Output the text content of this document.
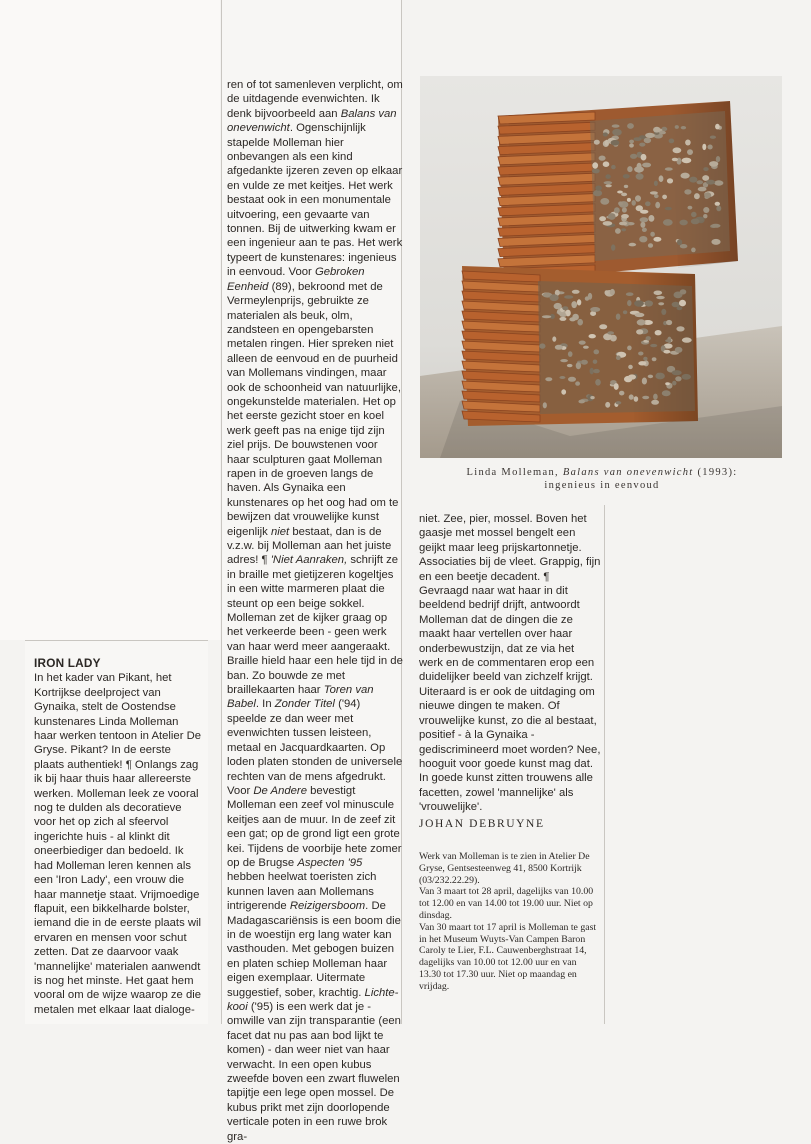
IRON LADY

In het kader van Pikant, het Kortrijkse deelproject van Gynaika, stelt de Oostendse kunstenares Linda Molleman haar werken tentoon in Atelier De Gryse. Pikant? In de eerste plaats authentiek! ¶ Onlangs zag ik bij haar thuis haar allereerste werken. Molleman leek ze vooral nog te dulden als decoratieve voor het op zich al sfeervol ingerichte huis - al klinkt dit oneerbiediger dan bedoeld. Ik had Molleman leren kennen als een 'Iron Lady', een vrouw die haar mannetje staat. Vrijmoedige flapuit, een bikkelharde bolster, iemand die in de eerste plaats wil ervaren en mensen voor schut zetten. Dat ze daarvoor vaak 'mannelijke' materialen aanwendt is nog het minste. Het gaat hem vooral om de wijze waarop ze die metalen met elkaar laat dialoge-

ren of tot samenleven verplicht, om de uitdagende evenwichten. Ik denk bijvoorbeeld aan Balans van onevenwicht. Ogenschijnlijk stapelde Molleman hier onbevangen als een kind afgedankte ijzeren zeven op elkaar en vulde ze met keitjes. Het werk bestaat ook in een monumentale uitvoering, een gevaarte van tonnen. Bij de uitwerking kwam er een ingenieur aan te pas. Het werk typeert de kunstenares: ingenieus in eenvoud. Voor Gebroken Eenheid (89), bekroond met de Vermeylenprijs, gebruikte ze materialen als beuk, olm, zandsteen en opengebarsten metalen ringen. Hier spreken niet alleen de eenvoud en de puurheid van Mollemans vindingen, maar ook de schoonheid van natuurlijke, ongekunstelde materialen. Het op het eerste gezicht stoer en koel werk geeft pas na enige tijd zijn ziel prijs. De bouwstenen voor haar sculpturen gaat Molleman rapen in de groeven langs de haven. Als Gynaika een kunstenares op het oog had om te bewijzen dat vrouwelijke kunst eigenlijk niet bestaat, dan is de v.z.w. bij Molleman aan het juiste adres! ¶ 'Niet Aanraken, schrijft ze in braille met gietijzeren kogeltjes in een witte marmeren plaat die steunt op een beige sokkel. Molleman zet de kijker graag op het verkeerde been - geen werk van haar werd meer aangeraakt. Braille hield haar een hele tijd in de ban. Zo bouwde ze met braillekaarten haar Toren van Babel. In Zonder Titel ('94) speelde ze dan weer met evenwichten tussen leisteen, metaal en Jacquardkaarten. Op loden platen stonden de universele rechten van de mens afgedrukt. Voor De Andere bevestigt Molleman een zeef vol minuscule keitjes aan de muur. In de zeef zit een gat; op de grond ligt een grote kei. Tijdens de voorbije hete zomer op de Brugse Aspecten '95 hebben heelwat toeristen zich kunnen laven aan Mollemans intrigerende Reizigersboom. De Madagascariënsis is een boom die in de woestijn erg lang water kan vasthouden. Met gebogen buizen en platen schiep Molleman haar eigen exemplaar. Uitermate suggestief, sober, krachtig. Lichte-kooi ('95) is een werk dat je - omwille van zijn transparantie (een facet dat nu pas aan bod lijkt te komen) - dan weer niet van haar verwacht. In een open kubus zweefde boven een zwart fluwelen tapijtje een lege open mossel. De kubus prikt met zijn doorlopende verticale poten in een ruwe brok gra-

Linda Molleman, Balans van onevenwicht (1993):
ingenieus in eenvoud

niet. Zee, pier, mossel. Boven het gaasje met mossel bengelt een geijkt maar leeg prijskartonnetje. Associaties bij de vleet. Grappig, fijn en een beetje decadent. ¶ Gevraagd naar wat haar in dit beeldend bedrijf drijft, antwoordt Molleman dat de dingen die ze maakt haar vertellen over haar onderbewustzijn, dat ze via het werk en de commentaren erop een duidelijker beeld van zichzelf krijgt. Uiteraard is er ook de uitdaging om nieuwe dingen te maken. Of vrouwelijke kunst, zo die al bestaat, positief - à la Gynaika - gediscrimineerd moet worden? Nee, hooguit voor goede kunst mag dat. In goede kunst zitten trouwens alle facetten, zowel 'mannelijke' als 'vrouwelijke'.

JOHAN DEBRUYNE
Werk van Molleman is te zien in Atelier De Gryse, Gentsesteenweg 41, 8500 Kortrijk (03/232.22.29).
Van 3 maart tot 28 april, dagelijks van 10.00 tot 12.00 en van 14.00 tot 19.00 uur. Niet op dinsdag.
Van 30 maart tot 17 april is Molleman te gast in het Museum Wuyts-Van Campen Baron Caroly te Lier, F.L. Cauwenberghstraat 14, dagelijks van 10.00 tot 12.00 uur en van 13.30 tot 17.30 uur. Niet op maandag en vrijdag.
